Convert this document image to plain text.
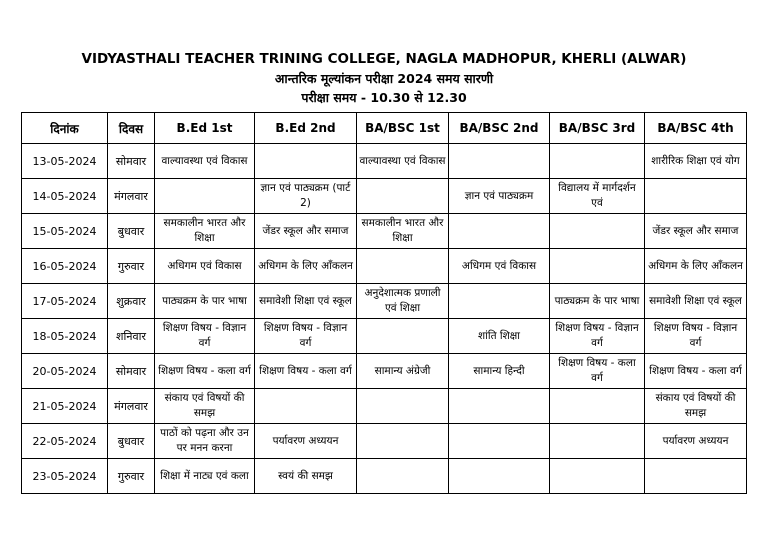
VIDYASTHALI TEACHER TRINING COLLEGE, NAGLA MADHOPUR, KHERLI (ALWAR)
आन्तरिक मूल्यांकन परीक्षा 2024 समय सारणी
परीक्षा समय - 10.30 से 12.30
दिनांक	दिवस	B.Ed 1st	B.Ed 2nd	BA/BSC 1st	BA/BSC 2nd	BA/BSC 3rd	BA/BSC 4th
13-05-2024	सोमवार	वाल्यावस्था एवं विकास		वाल्यावस्था एवं विकास			शारीरिक शिक्षा एवं योग
14-05-2024	मंगलवार		ज्ञान एवं पाठ्यक्रम (पार्ट 2)		ज्ञान एवं पाठ्यक्रम	विद्यालय में मार्गदर्शन एवं	
15-05-2024	बुधवार	समकालीन भारत और शिक्षा	जेंडर स्कूल और समाज	समकालीन भारत और शिक्षा			जेंडर स्कूल और समाज
16-05-2024	गुरुवार	अधिगम एवं विकास	अधिगम के लिए आँकलन		अधिगम एवं विकास		अधिगम के लिए आँकलन
17-05-2024	शुक्रवार	पाठ्यक्रम के पार भाषा	समावेशी शिक्षा एवं स्कूल	अनुदेशात्मक प्रणाली एवं शिक्षा		पाठ्यक्रम के पार भाषा	समावेशी शिक्षा एवं स्कूल
18-05-2024	शनिवार	शिक्षण विषय - विज्ञान वर्ग	शिक्षण विषय - विज्ञान वर्ग		शांति शिक्षा	शिक्षण विषय - विज्ञान वर्ग	शिक्षण विषय - विज्ञान वर्ग
20-05-2024	सोमवार	शिक्षण विषय - कला वर्ग	शिक्षण विषय - कला वर्ग	सामान्य अंग्रेजी	सामान्य हिन्दी	शिक्षण विषय - कला वर्ग	शिक्षण विषय - कला वर्ग
21-05-2024	मंगलवार	संकाय एवं विषयों की समझ					संकाय एवं विषयों की समझ
22-05-2024	बुधवार	पाठों को पढ़ना और उन पर मनन करना	पर्यावरण अध्ययन				पर्यावरण अध्ययन
23-05-2024	गुरुवार	शिक्षा में नाट्य एवं कला	स्वयं की समझ				
